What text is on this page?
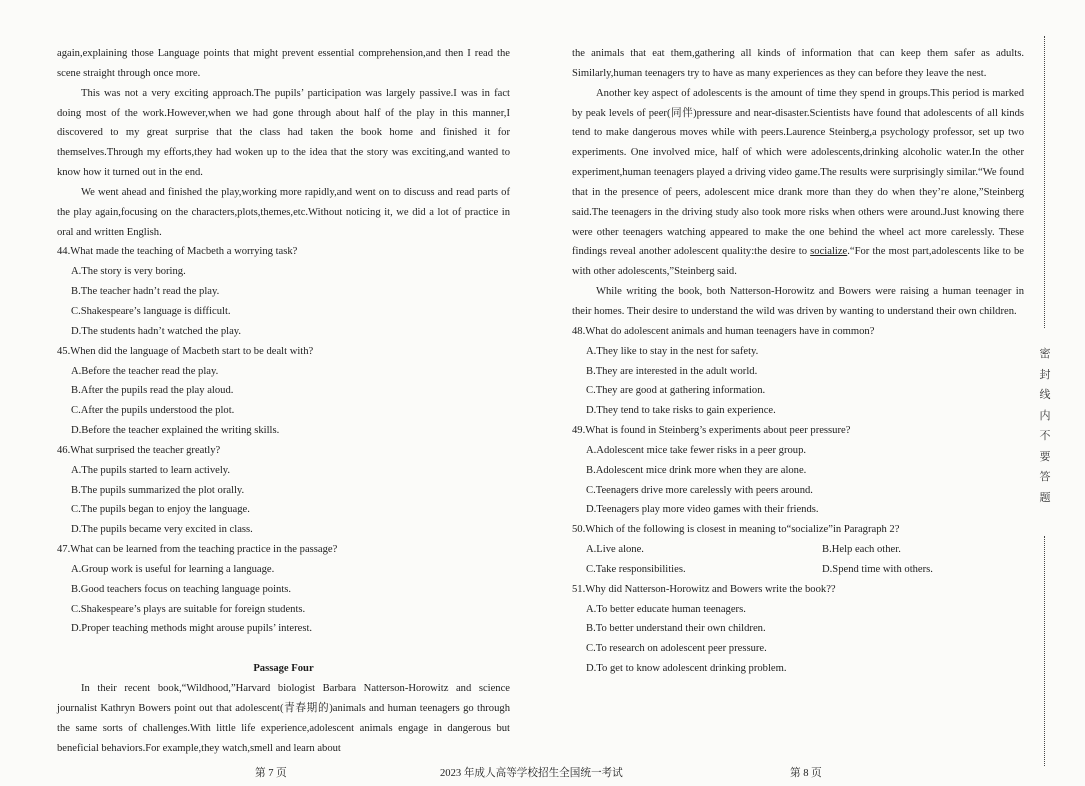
again,explaining those Language points that might prevent essential comprehension,and then I read the scene straight through once more.

This was not a very exciting approach.The pupils’ participation was largely passive.I was in fact doing most of the work.However,when we had gone through about half of the play in this manner,I discovered to my great surprise that the class had taken the book home and finished it for themselves.Through my efforts,they had woken up to the idea that the story was exciting,and wanted to know how it turned out in the end.

We went ahead and finished the play,working more rapidly,and went on to discuss and read parts of the play again,focusing on the characters,plots,themes,etc.Without noticing it, we did a lot of practice in oral and written English.

44.What made the teaching of Macbeth a worrying task?

A.The story is very boring.

B.The teacher hadn’t read the play.

C.Shakespeare’s language is difficult.

D.The students hadn’t watched the play.

45.When did the language of Macbeth start to be dealt with?

A.Before the teacher read the play.

B.After the pupils read the play aloud.

C.After the pupils understood the plot.

D.Before the teacher explained the writing skills.

46.What surprised the teacher greatly?

A.The pupils started to learn actively.

B.The pupils summarized the plot orally.

C.The pupils began to enjoy the language.

D.The pupils became very excited in class.

47.What can be learned from the teaching practice in the passage?

A.Group work is useful for learning a language.

B.Good teachers focus on teaching language points.

C.Shakespeare’s plays are suitable for foreign students.

D.Proper teaching methods might arouse pupils’ interest.

Passage Four

In their recent book,“Wildhood,”Harvard biologist Barbara Natterson-Horowitz and science journalist Kathryn Bowers point out that adolescent(青春期的)animals and human teenagers go through the same sorts of challenges.With little life experience,adolescent animals engage in dangerous but beneficial behaviors.For example,they watch,smell and learn about

the animals that eat them,gathering all kinds of information that can keep them safer as adults. Similarly,human teenagers try to have as many experiences as they can before they leave the nest.

Another key aspect of adolescents is the amount of time they spend in groups.This period is marked by peak levels of peer(同伴)pressure and near-disaster.Scientists have found that adolescents of all kinds tend to make dangerous moves while with peers.Laurence Steinberg,a psychology professor, set up two experiments. One involved mice, half of which were adolescents,drinking alcoholic water.In the other experiment,human teenagers played a driving video game.The results were surprisingly similar.“We found that in the presence of peers, adolescent mice drank more than they do when they’re alone,”Steinberg said.The teenagers in the driving study also took more risks when others were around.Just knowing there were other teenagers watching appeared to make the one behind the wheel act more carelessly. These findings reveal another adolescent quality:the desire to socialize.“For the most part,adolescents like to be with other adolescents,”Steinberg said.

While writing the book, both Natterson-Horowitz and Bowers were raising a human teenager in their homes. Their desire to understand the wild was driven by wanting to understand their own children.

48.What do adolescent animals and human teenagers have in common?

A.They like to stay in the nest for safety.

B.They are interested in the adult world.

C.They are good at gathering information.

D.They tend to take risks to gain experience.

49.What is found in Steinberg’s experiments about peer pressure?

A.Adolescent mice take fewer risks in a peer group.

B.Adolescent mice drink more when they are alone.

C.Teenagers drive more carelessly with peers around.

D.Teenagers play more video games with their friends.

50.Which of the following is closest in meaning to“socialize”in Paragraph 2?

A.Live alone.	B.Help each other.

C.Take responsibilities.	D.Spend time with others.

51.Why did Natterson-Horowitz and Bowers write the book??

A.To better educate human teenagers.

B.To better understand their own children.

C.To research on adolescent peer pressure.

D.To get to know adolescent drinking problem.

密封线内不要答题
第 7 页	2023 年成人高等学校招生全国统一考试	第 8 页
